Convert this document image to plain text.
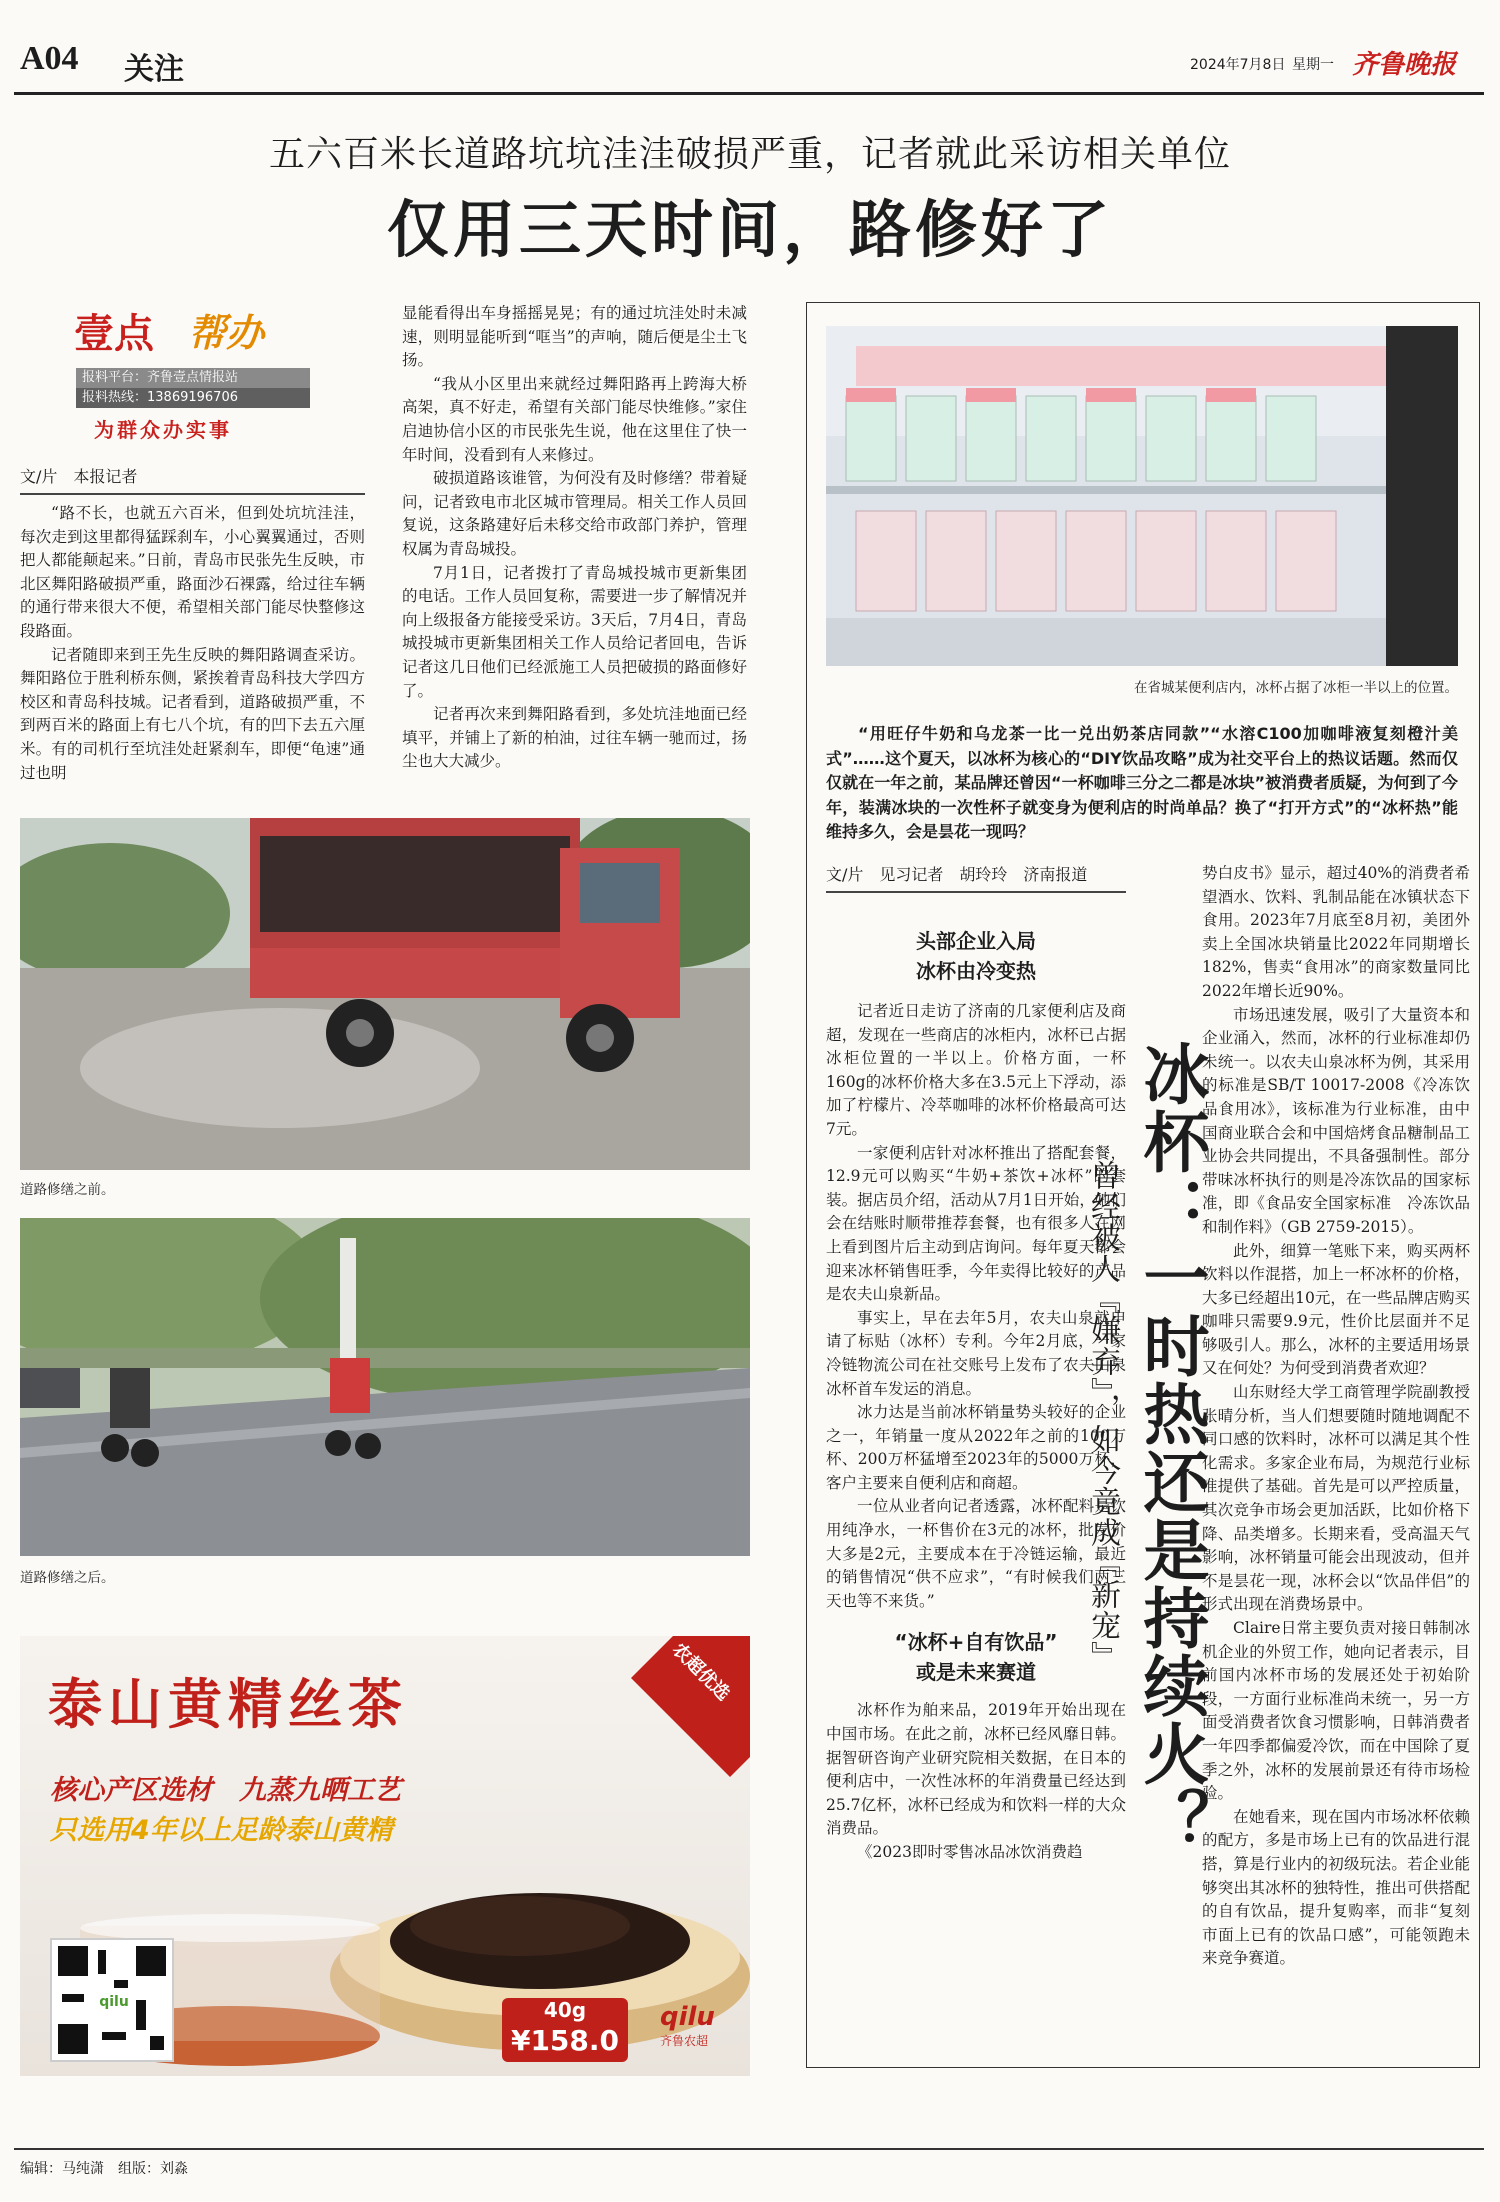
A04 关注	2024年7月8日 星期一 齐鲁晚报
五六百米长道路坑坑洼洼破损严重，记者就此采访相关单位
仅用三天时间，路修好了
壹点 帮办
报料平台：齐鲁壹点情报站
报料热线：13869196706
为群众办实事
文/片　本报记者

“路不长，也就五六百米，但到处坑坑洼洼，每次走到这里都得猛踩刹车，小心翼翼通过，否则把人都能颠起来。”日前，青岛市民张先生反映，市北区舞阳路破损严重，路面沙石裸露，给过往车辆的通行带来很大不便，希望相关部门能尽快整修这段路面。

记者随即来到王先生反映的舞阳路调查采访。舞阳路位于胜利桥东侧，紧挨着青岛科技大学四方校区和青岛科技城。记者看到，道路破损严重，不到两百米的路面上有七八个坑，有的凹下去五六厘米。有的司机行至坑洼处赶紧刹车，即便“龟速”通过也明

显能看得出车身摇摇晃晃；有的通过坑洼处时未减速，则明显能听到“哐当”的声响，随后便是尘土飞扬。

“我从小区里出来就经过舞阳路再上跨海大桥高架，真不好走，希望有关部门能尽快维修。”家住启迪协信小区的市民张先生说，他在这里住了快一年时间，没看到有人来修过。

破损道路该谁管，为何没有及时修缮？带着疑问，记者致电市北区城市管理局。相关工作人员回复说，这条路建好后未移交给市政部门养护，管理权属为青岛城投。

7月1日，记者拨打了青岛城投城市更新集团的电话。工作人员回复称，需要进一步了解情况并向上级报备方能接受采访。3天后，7月4日，青岛城投城市更新集团相关工作人员给记者回电，告诉记者这几日他们已经派施工人员把破损的路面修好了。

记者再次来到舞阳路看到，多处坑洼地面已经填平，并铺上了新的柏油，过往车辆一驰而过，扬尘也大大减少。

道路修缮之前。
道路修缮之后。
泰山黄精丝茶
核心产区选材　九蒸九晒工艺
只选用4年以上足龄泰山黄精
农超优选
qilu	40g
¥158.0
qilu
齐鲁农超
在省城某便利店内，冰杯占据了冰柜一半以上的位置。
“用旺仔牛奶和乌龙茶一比一兑出奶茶店同款”“水溶C100加咖啡液复刻橙汁美式”……这个夏天，以冰杯为核心的“DIY饮品攻略”成为社交平台上的热议话题。然而仅仅就在一年之前，某品牌还曾因“一杯咖啡三分之二都是冰块”被消费者质疑，为何到了今年，装满冰块的一次性杯子就变身为便利店的时尚单品？换了“打开方式”的“冰杯热”能维持多久，会是昙花一现吗？
文/片　见习记者　胡玲玲　济南报道
头部企业入局
冰杯由冷变热

记者近日走访了济南的几家便利店及商超，发现在一些商店的冰柜内，冰杯已占据冰柜位置的一半以上。价格方面，一杯160g的冰杯价格大多在3.5元上下浮动，添加了柠檬片、冷萃咖啡的冰杯价格最高可达7元。

一家便利店针对冰杯推出了搭配套餐，12.9元可以购买“牛奶+茶饮+冰杯”的套装。据店员介绍，活动从7月1日开始，她们会在结账时顺带推荐套餐，也有很多人在网上看到图片后主动到店询问。每年夏天都会迎来冰杯销售旺季，今年卖得比较好的产品是农夫山泉新品。

事实上，早在去年5月，农夫山泉就申请了标贴（冰杯）专利。今年2月底，一家冷链物流公司在社交账号上发布了农夫山泉冰杯首车发运的消息。

冰力达是当前冰杯销量势头较好的企业之一，年销量一度从2022年之前的100万杯、200万杯猛增至2023年的5000万杯，客户主要来自便利店和商超。

一位从业者向记者透露，冰杯配料是饮用纯净水，一杯售价在3元的冰杯，批发价大多是2元，主要成本在于冷链运输，最近的销售情况“供不应求”，“有时候我们两三天也等不来货。”

“冰杯+自有饮品”
或是未来赛道

冰杯作为舶来品，2019年开始出现在中国市场。在此之前，冰杯已经风靡日韩。据智研咨询产业研究院相关数据，在日本的便利店中，一次性冰杯的年消费量已经达到25.7亿杯，冰杯已经成为和饮料一样的大众消费品。

《2023即时零售冰品冰饮消费趋 冰杯：一时热还是持续火？
曾经被人『嫌弃』，如今竟成『新宠』

势白皮书》显示，超过40%的消费者希望酒水、饮料、乳制品能在冰镇状态下食用。2023年7月底至8月初，美团外卖上全国冰块销量比2022年同期增长182%，售卖“食用冰”的商家数量同比2022年增长近90%。

市场迅速发展，吸引了大量资本和企业涌入，然而，冰杯的行业标准却仍未统一。以农夫山泉冰杯为例，其采用的标准是SB/T 10017-2008《冷冻饮品食用冰》，该标准为行业标准，由中国商业联合会和中国焙烤食品糖制品工业协会共同提出，不具备强制性。部分带味冰杯执行的则是冷冻饮品的国家标准，即《食品安全国家标准　冷冻饮品和制作料》（GB 2759-2015）。

此外，细算一笔账下来，购买两杯饮料以作混搭，加上一杯冰杯的价格，大多已经超出10元，在一些品牌店购买咖啡只需要9.9元，性价比层面并不足够吸引人。那么，冰杯的主要适用场景又在何处？为何受到消费者欢迎？

山东财经大学工商管理学院副教授张晴分析，当人们想要随时随地调配不同口感的饮料时，冰杯可以满足其个性化需求。多家企业布局，为规范行业标准提供了基础。首先是可以严控质量，其次竞争市场会更加活跃，比如价格下降、品类增多。长期来看，受高温天气影响，冰杯销量可能会出现波动，但并不是昙花一现，冰杯会以“饮品伴侣”的形式出现在消费场景中。

Claire日常主要负责对接日韩制冰机企业的外贸工作，她向记者表示，目前国内冰杯市场的发展还处于初始阶段，一方面行业标准尚未统一，另一方面受消费者饮食习惯影响，日韩消费者一年四季都偏爱冷饮，而在中国除了夏季之外，冰杯的发展前景还有待市场检验。

在她看来，现在国内市场冰杯依赖的配方，多是市场上已有的饮品进行混搭，算是行业内的初级玩法。若企业能够突出其冰杯的独特性，推出可供搭配的自有饮品，提升复购率，而非“复刻市面上已有的饮品口感”，可能领跑未来竞争赛道。

编辑：马纯潇　组版：刘淼
